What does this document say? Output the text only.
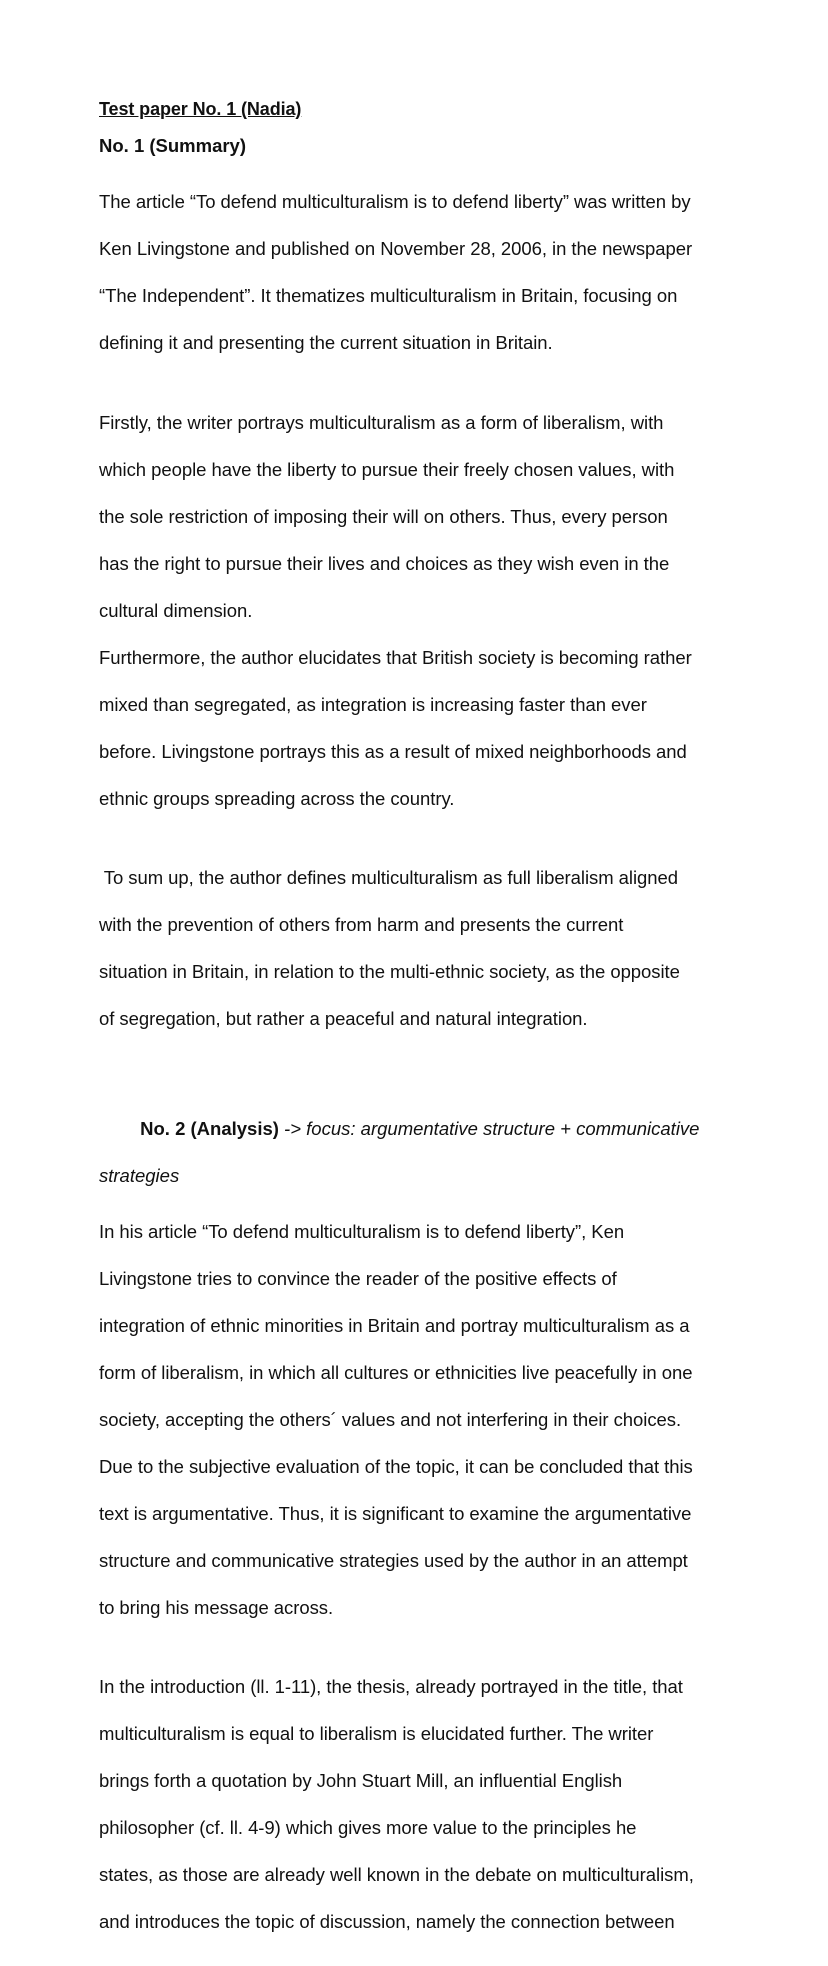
Test paper No. 1 (Nadia)
No. 1 (Summary)

The article “To defend multiculturalism is to defend liberty” was written by

Ken Livingstone and published on November 28, 2006, in the newspaper

“The Independent”. It thematizes multiculturalism in Britain, focusing on

defining it and presenting the current situation in Britain.

Firstly, the writer portrays multiculturalism as a form of liberalism, with

which people have the liberty to pursue their freely chosen values, with

the sole restriction of imposing their will on others. Thus, every person

has the right to pursue their lives and choices as they wish even in the

cultural dimension.

Furthermore, the author elucidates that British society is becoming rather

mixed than segregated, as integration is increasing faster than ever

before. Livingstone portrays this as a result of mixed neighborhoods and

ethnic groups spreading across the country.

To sum up, the author defines multiculturalism as full liberalism aligned

with the prevention of others from harm and presents the current

situation in Britain, in relation to the multi-ethnic society, as the opposite

of segregation, but rather a peaceful and natural integration.

No. 2 (Analysis) -> focus: argumentative structure + communicative

strategies

In his article “To defend multiculturalism is to defend liberty”, Ken

Livingstone tries to convince the reader of the positive effects of

integration of ethnic minorities in Britain and portray multiculturalism as a

form of liberalism, in which all cultures or ethnicities live peacefully in one

society, accepting the others´ values and not interfering in their choices.

Due to the subjective evaluation of the topic, it can be concluded that this

text is argumentative. Thus, it is significant to examine the argumentative

structure and communicative strategies used by the author in an attempt

to bring his message across.

In the introduction (ll. 1-11), the thesis, already portrayed in the title, that

multiculturalism is equal to liberalism is elucidated further. The writer

brings forth a quotation by John Stuart Mill, an influential English

philosopher (cf. ll. 4-9) which gives more value to the principles he

states, as those are already well known in the debate on multiculturalism,

and introduces the topic of discussion, namely the connection between
